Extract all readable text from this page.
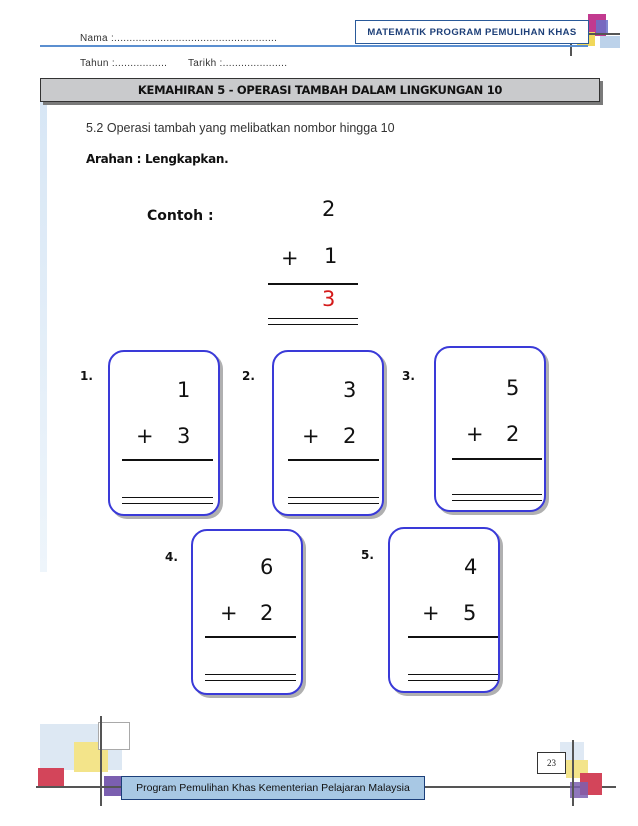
MATEMATIK PROGRAM PEMULIHAN KHAS
Nama :.....................................................
Tahun :................. Tarikh :.....................
KEMAHIRAN 5 - OPERASI TAMBAH DALAM LINGKUNGAN 10
5.2 Operasi tambah yang melibatkan nombor hingga 10
Arahan : Lengkapkan.
Contoh :	2
+ 1
3
1.
1
+ 3
2.
3
+ 2
3.	5
+ 2
4.	6
+ 2
5.	4
+ 5
23
Program Pemulihan Khas Kementerian Pelajaran Malaysia
